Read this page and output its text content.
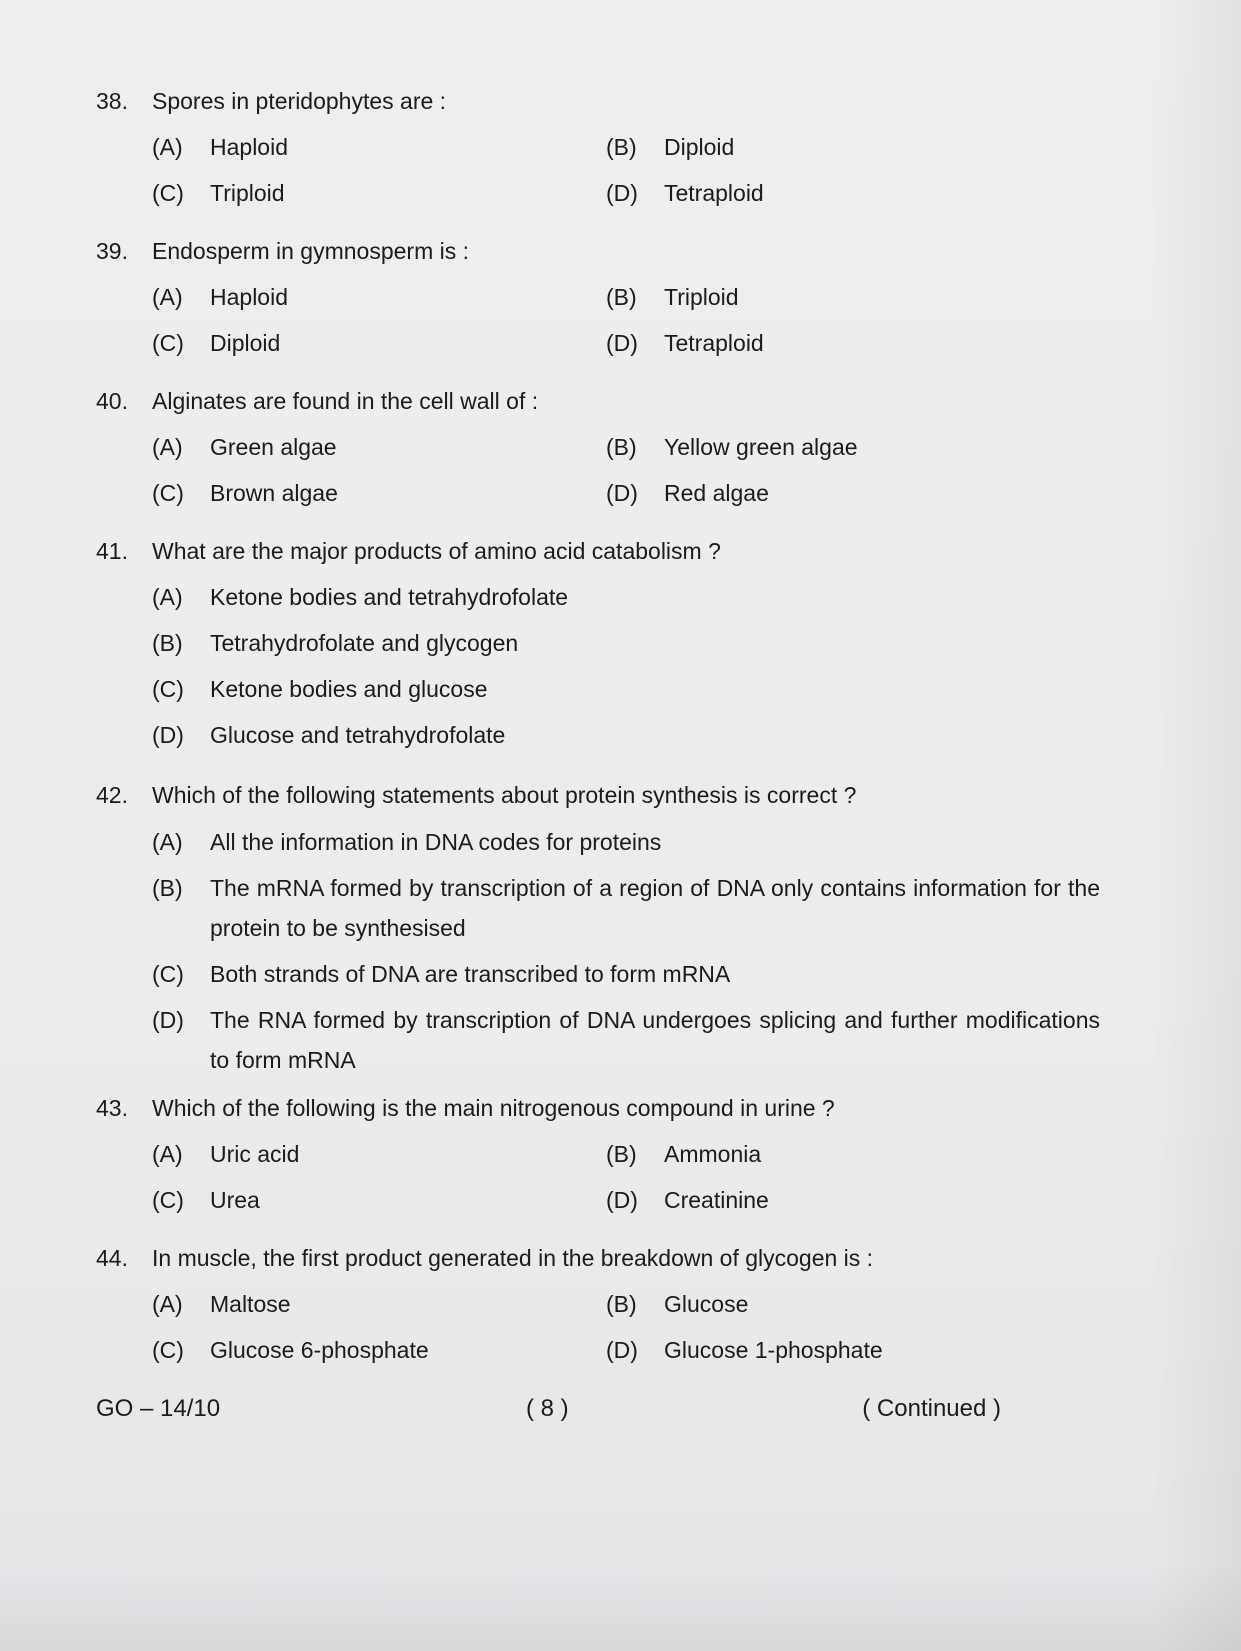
38. Spores in pteridophytes are :
(A) Haploid	(B) Diploid
(C) Triploid	(D) Tetraploid
39. Endosperm in gymnosperm is :
(A) Haploid	(B) Triploid
(C) Diploid	(D) Tetraploid
40. Alginates are found in the cell wall of :
(A) Green algae	(B) Yellow green algae
(C) Brown algae	(D) Red algae
41. What are the major products of amino acid catabolism ?
(A) Ketone bodies and tetrahydrofolate
(B) Tetrahydrofolate and glycogen
(C) Ketone bodies and glucose
(D) Glucose and tetrahydrofolate
42. Which of the following statements about protein synthesis is correct ?
(A) All the information in DNA codes for proteins
(B) The mRNA formed by transcription of a region of DNA only contains information for the protein to be synthesised
(C) Both strands of DNA are transcribed to form mRNA
(D) The RNA formed by transcription of DNA undergoes splicing and further modifications to form mRNA
43. Which of the following is the main nitrogenous compound in urine ?
(A) Uric acid	(B) Ammonia
(C) Urea	(D) Creatinine
44. In muscle, the first product generated in the breakdown of glycogen is :
(A) Maltose	(B) Glucose
(C) Glucose 6-phosphate	(D) Glucose 1-phosphate
GO – 14/10	( 8 )	( Continued )
